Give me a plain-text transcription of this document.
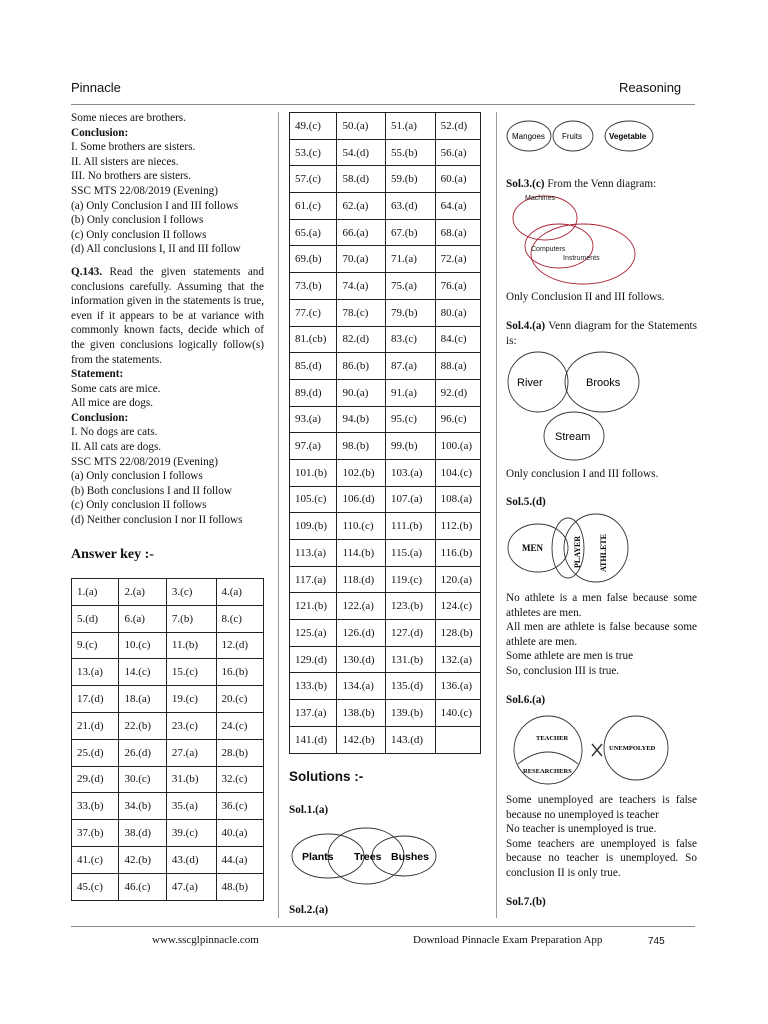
Pinnacle	Reasoning

Some nieces are brothers.

Conclusion:

I. Some brothers are sisters.

II. All sisters are nieces.

III. No brothers are sisters.

SSC MTS 22/08/2019 (Evening)

(a) Only Conclusion I and III follows

(b) Only conclusion I follows

(c) Only conclusion II follows

(d) All conclusions I, II and III follow

Q.143. Read the given statements and conclusions carefully. Assuming that the information given in the statements is true, even if it appears to be at variance with commonly known facts, decide which of the given conclusions logically follow(s) from the statements.

Statement:

Some cats are mice.

All mice are dogs.

Conclusion:

I. No dogs are cats.

II. All cats are dogs.

SSC MTS 22/08/2019 (Evening)

(a) Only conclusion I follows

(b) Both conclusions I and II follow

(c) Only conclusion II follows

(d) Neither conclusion I nor II follows

Answer key :-
1.(a)	2.(a)	3.(c)	4.(a)
5.(d)	6.(a)	7.(b)	8.(c)
9.(c)	10.(c)	11.(b)	12.(d)
13.(a)	14.(c)	15.(c)	16.(b)
17.(d)	18.(a)	19.(c)	20.(c)
21.(d)	22.(b)	23.(c)	24.(c)
25.(d)	26.(d)	27.(a)	28.(b)
29.(d)	30.(c)	31.(b)	32.(c)
33.(b)	34.(b)	35.(a)	36.(c)
37.(b)	38.(d)	39.(c)	40.(a)
41.(c)	42.(b)	43.(d)	44.(a)
45.(c)	46.(c)	47.(a)	48.(b)
49.(c)	50.(a)	51.(a)	52.(d)
53.(c)	54.(d)	55.(b)	56.(a)
57.(c)	58.(d)	59.(b)	60.(a)
61.(c)	62.(a)	63.(d)	64.(a)
65.(a)	66.(a)	67.(b)	68.(a)
69.(b)	70.(a)	71.(a)	72.(a)
73.(b)	74.(a)	75.(a)	76.(a)
77.(c)	78.(c)	79.(b)	80.(a)
81.(cb)	82.(d)	83.(c)	84.(c)
85.(d)	86.(b)	87.(a)	88.(a)
89.(d)	90.(a)	91.(a)	92.(d)
93.(a)	94.(b)	95.(c)	96.(c)
97.(a)	98.(b)	99.(b)	100.(a)
101.(b)	102.(b)	103.(a)	104.(c)
105.(c)	106.(d)	107.(a)	108.(a)
109.(b)	110.(c)	111.(b)	112.(b)
113.(a)	114.(b)	115.(a)	116.(b)
117.(a)	118.(d)	119.(c)	120.(a)
121.(b)	122.(a)	123.(b)	124.(c)
125.(a)	126.(d)	127.(d)	128.(b)
129.(d)	130.(d)	131.(b)	132.(a)
133.(b)	134.(a)	135.(d)	136.(a)
137.(a)	138.(b)	139.(b)	140.(c)
141.(d)	142.(b)	143.(d)	
Solutions :-
Sol.1.(a)
Plants Trees Bushes
Sol.2.(a)
Mangoes Fruits	Vegetable
Sol.3.(c) From the Venn diagram:
Machines
Computers
Instruments
Only Conclusion II and III follows.
Sol.4.(a) Venn diagram for the Statements is:
River	Brooks
Stream
Only conclusion I and III follows.
Sol.5.(d)
MEN	PLAYER ATHLETE

No athlete is a men false because some athletes are men.

All men are athlete is false because some athlete are men.

Some athlete are men is true

So, conclusion III is true.

Sol.6.(a)
TEACHER
RESEARCHERS
UNEMPOLYED

Some unemployed are teachers is false because no unemployed is teacher

No teacher is unemployed is true.

Some teachers are unemployed is false because no teacher is unemployed. So conclusion II is only true.

Sol.7.(b)
www.sscglpinnacle.com	Download Pinnacle Exam Preparation App	745
